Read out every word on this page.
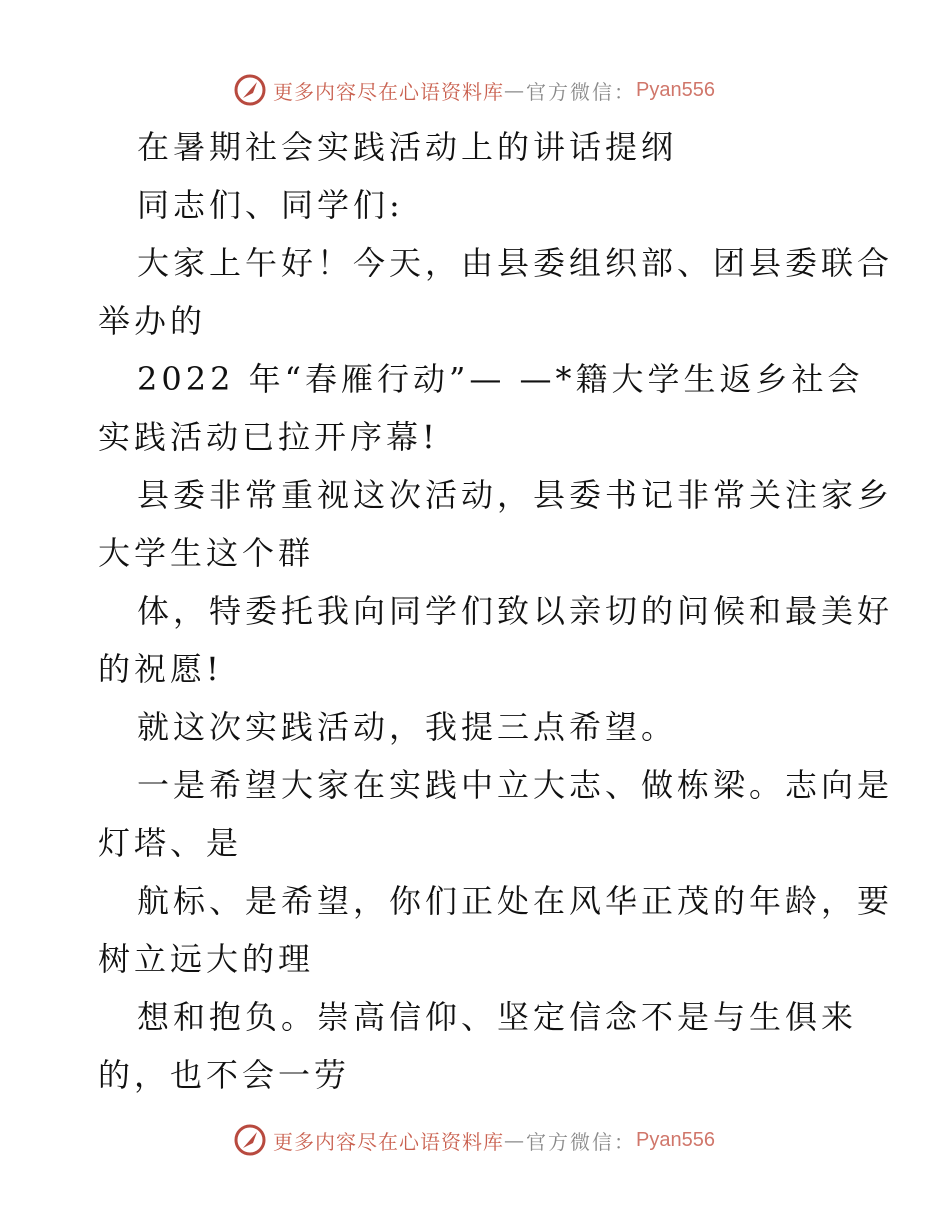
更多内容尽在心语资料库 — 官方微信： Pyan556
在暑期社会实践活动上的讲话提纲
同志们、同学们:
大家上午好！今天，由县委组织部、团县委联合
举办的
2022 年“春雁行动”— —*籍大学生返乡社会
实践活动已拉开序幕!
县委非常重视这次活动，县委书记非常关注家乡
大学生这个群
体，特委托我向同学们致以亲切的问候和最美好
的祝愿!
就这次实践活动，我提三点希望。
一是希望大家在实践中立大志、做栋梁。志向是
灯塔、是
航标、是希望，你们正处在风华正茂的年龄，要
树立远大的理
想和抱负。崇高信仰、坚定信念不是与生俱来
的，也不会一劳
更多内容尽在心语资料库 — 官方微信： Pyan556
